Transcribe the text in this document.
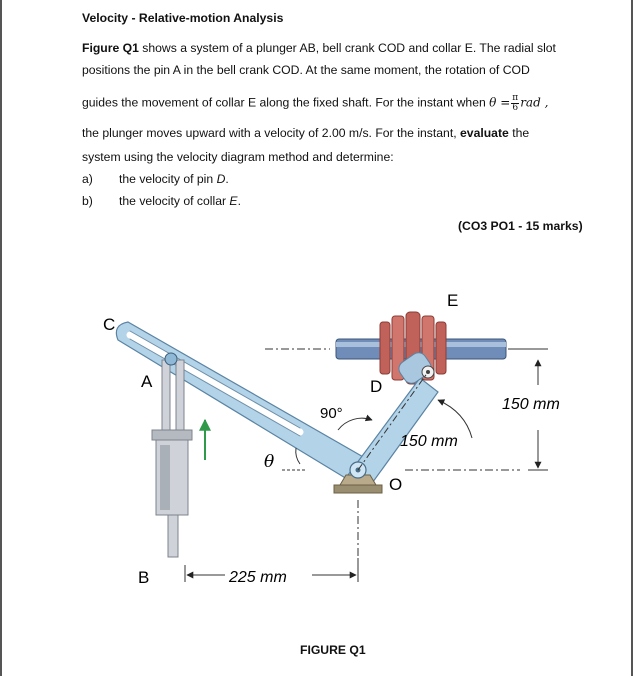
Velocity - Relative-motion Analysis
Figure Q1 shows a system of a plunger AB, bell crank COD and collar E. The radial slot
positions the pin A in the bell crank COD. At the same moment, the rotation of COD
guides the movement of collar E along the fixed shaft. For the instant when $\theta = \frac{\pi}{6}rad$ ,
the plunger moves upward with a velocity of 2.00 m/s. For the instant, evaluate the
system using the velocity diagram method and determine:
a) the velocity of pin D.
b) the velocity of collar E.
(CO3 PO1 - 15 marks)
C
A
B
D
E
O
θ
90°
150 mm
150 mm
225 mm
FIGURE Q1
